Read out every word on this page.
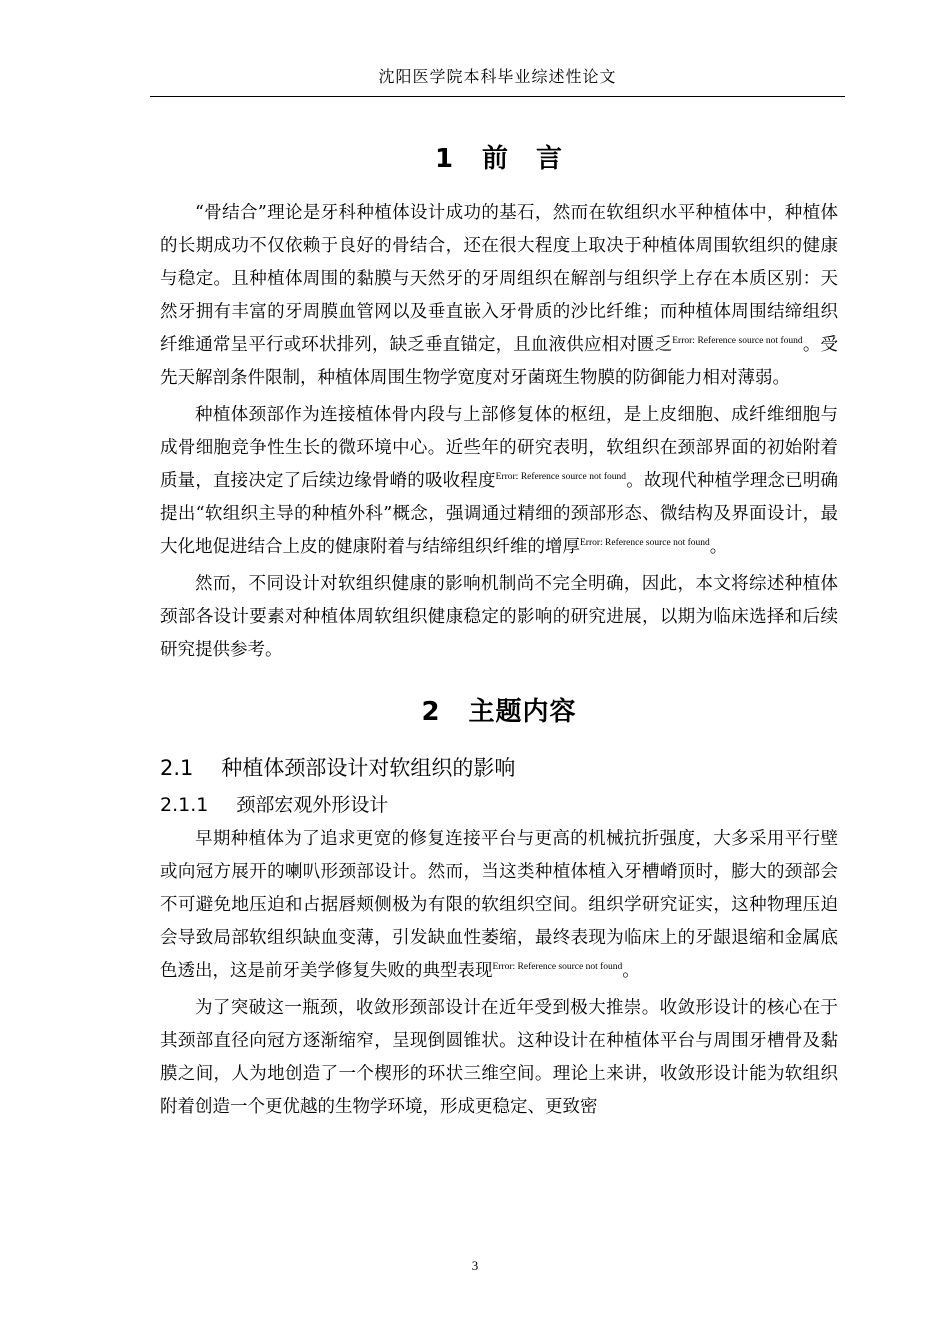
沈阳医学院本科毕业综述性论文
1 前　言

“骨结合”理论是牙科种植体设计成功的基石，然而在软组织水平种植体中，种植体的长期成功不仅依赖于良好的骨结合，还在很大程度上取决于种植体周围软组织的健康与稳定。且种植体周围的黏膜与天然牙的牙周组织在解剖与组织学上存在本质区别：天然牙拥有丰富的牙周膜血管网以及垂直嵌入牙骨质的沙比纤维；而种植体周围结缔组织纤维通常呈平行或环状排列，缺乏垂直锚定，且血液供应相对匮乏$^{Error: Reference source not found}$。受先天解剖条件限制，种植体周围生物学宽度对牙菌斑生物膜的防御能力相对薄弱。

种植体颈部作为连接植体骨内段与上部修复体的枢纽，是上皮细胞、成纤维细胞与成骨细胞竞争性生长的微环境中心。近些年的研究表明，软组织在颈部界面的初始附着质量，直接决定了后续边缘骨嵴的吸收程度$^{Error: Reference source not found}$。故现代种植学理念已明确提出“软组织主导的种植外科”概念，强调通过精细的颈部形态、微结构及界面设计，最大化地促进结合上皮的健康附着与结缔组织纤维的增厚$^{Error: Reference source not found}$。

然而，不同设计对软组织健康的影响机制尚不完全明确，因此，本文将综述种植体颈部各设计要素对种植体周软组织健康稳定的影响的研究进展，以期为临床选择和后续研究提供参考。

2 主题内容
2.1 种植体颈部设计对软组织的影响
2.1.1 颈部宏观外形设计

早期种植体为了追求更宽的修复连接平台与更高的机械抗折强度，大多采用平行壁或向冠方展开的喇叭形颈部设计。然而，当这类种植体植入牙槽嵴顶时，膨大的颈部会不可避免地压迫和占据唇颊侧极为有限的软组织空间。组织学研究证实，这种物理压迫会导致局部软组织缺血变薄，引发缺血性萎缩，最终表现为临床上的牙龈退缩和金属底色透出，这是前牙美学修复失败的典型表现$^{Error: Reference source not found}$。

为了突破这一瓶颈，收敛形颈部设计在近年受到极大推崇。收敛形设计的核心在于其颈部直径向冠方逐渐缩窄，呈现倒圆锥状。这种设计在种植体平台与周围牙槽骨及黏膜之间，人为地创造了一个楔形的环状三维空间。理论上来讲，收敛形设计能为软组织附着创造一个更优越的生物学环境，形成更稳定、更致密

3
